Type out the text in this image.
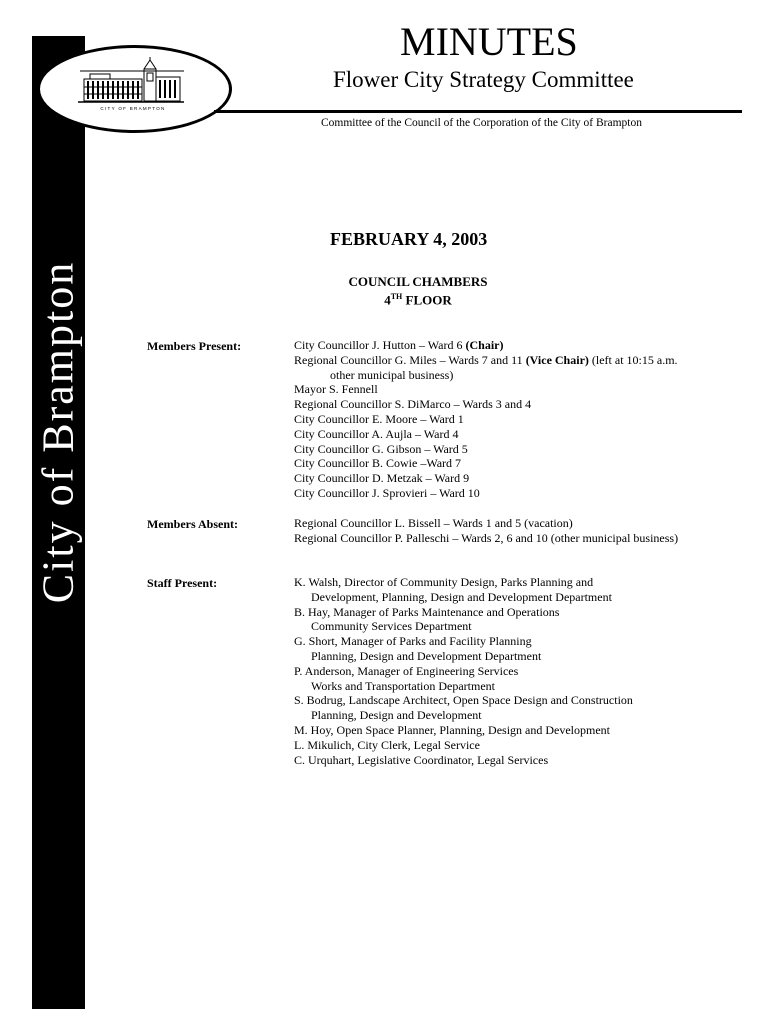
City of Brampton
CITY OF BRAMPTON
MINUTES
Flower City Strategy Committee
Committee of the Council of the Corporation of the City of Brampton
FEBRUARY 4, 2003
COUNCIL CHAMBERS
4TH FLOOR
Members Present:	City Councillor J. Hutton – Ward 6 (Chair)
Regional Councillor G. Miles – Wards 7 and 11 (Vice Chair) (left at 10:15 a.m.
other municipal business)
Mayor S. Fennell
Regional Councillor S. DiMarco – Wards 3 and 4
City Councillor E. Moore – Ward 1
City Councillor A. Aujla – Ward 4
City Councillor G. Gibson – Ward 5
City Councillor B. Cowie –Ward 7
City Councillor D. Metzak – Ward 9
City Councillor J. Sprovieri – Ward 10
Members Absent:	Regional Councillor L. Bissell – Wards 1 and 5 (vacation)
Regional Councillor P. Palleschi – Wards 2, 6 and 10 (other municipal business)
Staff Present:	K. Walsh, Director of Community Design, Parks Planning and
Development, Planning, Design and Development Department
B. Hay, Manager of Parks Maintenance and Operations
Community Services Department
G. Short, Manager of Parks and Facility Planning
Planning, Design and Development Department
P. Anderson, Manager of Engineering Services
Works and Transportation Department
S. Bodrug, Landscape Architect, Open Space Design and Construction
Planning, Design and Development
M. Hoy, Open Space Planner, Planning, Design and Development
L. Mikulich, City Clerk, Legal Service
C. Urquhart, Legislative Coordinator, Legal Services
